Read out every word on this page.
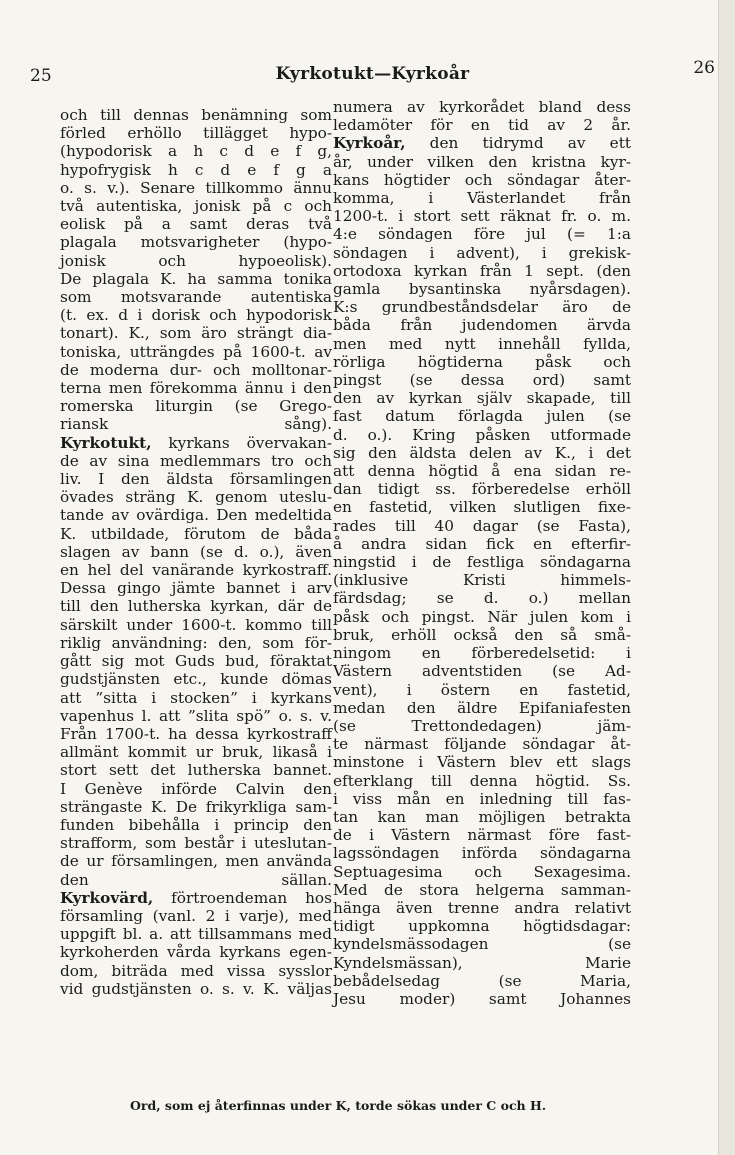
25	Kyrkotukt—Kyrkoår	26
och till dennas benämning som
förled erhöllo tillägget hypo-
(hypodorisk a h c d e f g,
hypofrygisk h c d e f g a
o. s. v.). Senare tillkommo ännu
två autentiska, jonisk på c och
eolisk på a samt deras två
plagala motsvarigheter (hypo-
jonisk och hypoeolisk).
De plagala K. ha samma tonika
som motsvarande autentiska
(t. ex. d i dorisk och hypodorisk
tonart). K., som äro strängt dia-
toniska, utträngdes på 1600-t. av
de moderna dur- och molltonar-
terna men förekomma ännu i den
romerska liturgin (se Grego-
riansk sång).
Kyrkotukt, kyrkans övervakan-
de av sina medlemmars tro och
liv. I den äldsta församlingen
övades sträng K. genom uteslu-
tande av ovärdiga. Den medeltida
K. utbildade, förutom de båda
slagen av bann (se d. o.), även
en hel del vanärande kyrkostraff.
Dessa gingo jämte bannet i arv
till den lutherska kyrkan, där de
särskilt under 1600-t. kommo till
riklig användning: den, som för-
gått sig mot Guds bud, föraktat
gudstjänsten etc., kunde dömas
att ”sitta i stocken” i kyrkans
vapenhus l. att ”slita spö” o. s. v.
Från 1700-t. ha dessa kyrkostraff
allmänt kommit ur bruk, likaså i
stort sett det lutherska bannet.
I Genève införde Calvin den
strängaste K. De frikyrkliga sam-
funden bibehålla i princip den
strafform, som består i uteslutan-
de ur församlingen, men använda
den sällan.
Kyrkovärd, förtroendeman hos
församling (vanl. 2 i varje), med
uppgift bl. a. att tillsammans med
kyrkoherden vårda kyrkans egen-
dom, biträda med vissa sysslor
vid gudstjänsten o. s. v. K. väljas
numera av kyrkorådet bland dess
ledamöter för en tid av 2 år.
Kyrkoår, den tidrymd av ett
år, under vilken den kristna kyr-
kans högtider och söndagar åter-
komma, i Västerlandet från
1200-t. i stort sett räknat fr. o. m.
4:e söndagen före jul (= 1:a
söndagen i advent), i grekisk-
ortodoxa kyrkan från 1 sept. (den
gamla bysantinska nyårsdagen).
K:s grundbeståndsdelar äro de
båda från judendomen ärvda
men med nytt innehåll fyllda,
rörliga högtiderna påsk och
pingst (se dessa ord) samt
den av kyrkan själv skapade, till
fast datum förlagda julen (se
d. o.). Kring påsken utformade
sig den äldsta delen av K., i det
att denna högtid å ena sidan re-
dan tidigt ss. förberedelse erhöll
en fastetid, vilken slutligen fixe-
rades till 40 dagar (se Fasta),
å andra sidan fick en efterfir-
ningstid i de festliga söndagarna
(inklusive Kristi himmels-
färdsdag; se d. o.) mellan
påsk och pingst. När julen kom i
bruk, erhöll också den så små-
ningom en förberedelsetid: i
Västern adventstiden (se Ad-
vent), i östern en fastetid,
medan den äldre Epifaniafesten
(se Trettondedagen) jäm-
te närmast följande söndagar åt-
minstone i Västern blev ett slags
efterklang till denna högtid. Ss.
i viss mån en inledning till fas-
tan kan man möjligen betrakta
de i Västern närmast före fast-
lagssöndagen införda söndagarna
Septuagesima och Sexagesima.
Med de stora helgerna samman-
hänga även trenne andra relativt
tidigt uppkomna högtidsdagar:
kyndelsmässodagen (se
Kyndelsmässan), Marie
bebådelsedag (se Maria,
Jesu moder) samt Johannes
Ord, som ej återfinnas under K, torde sökas under C och H.
